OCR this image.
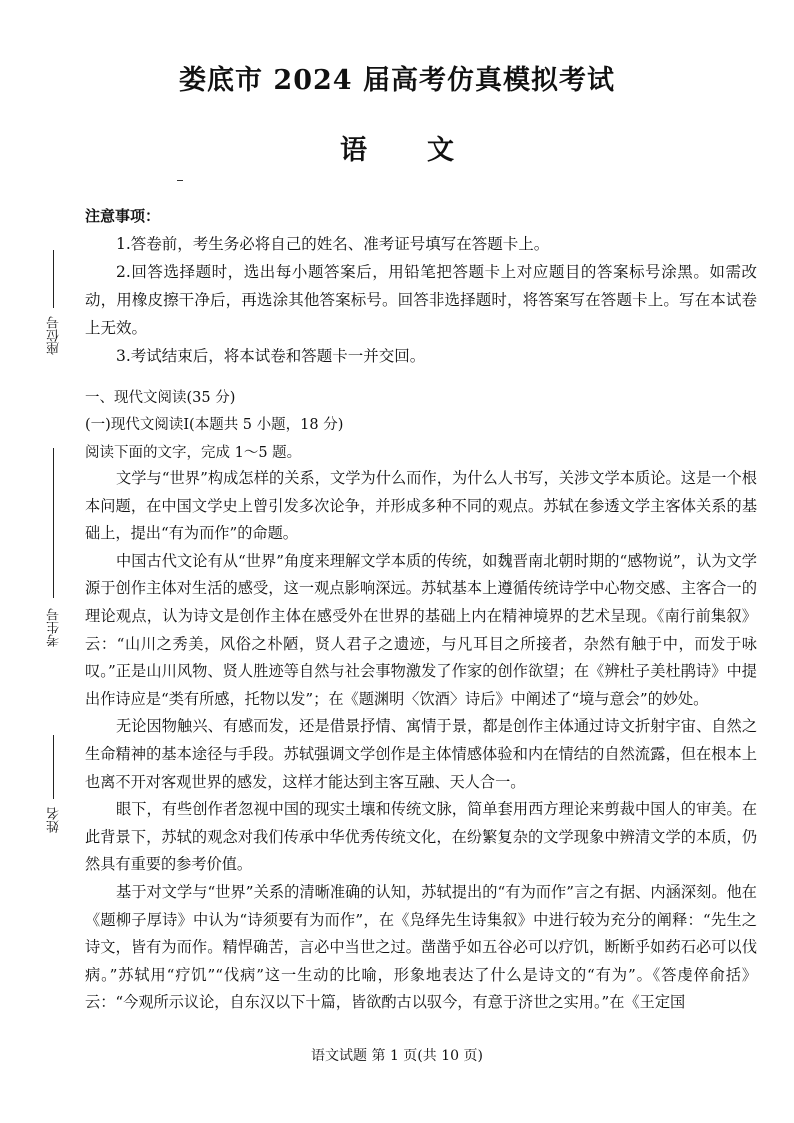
娄底市 2024 届高考仿真模拟考试
语文
座位号
考生号
姓名
注意事项：

1.答卷前，考生务必将自己的姓名、准考证号填写在答题卡上。

2.回答选择题时，选出每小题答案后，用铅笔把答题卡上对应题目的答案标号涂黑。如需改动，用橡皮擦干净后，再选涂其他答案标号。回答非选择题时，将答案写在答题卡上。写在本试卷上无效。

3.考试结束后，将本试卷和答题卡一并交回。

一、现代文阅读(35 分)
(一)现代文阅读Ⅰ(本题共 5 小题，18 分)
阅读下面的文字，完成 1～5 题。

文学与“世界”构成怎样的关系，文学为什么而作，为什么人书写，关涉文学本质论。这是一个根本问题，在中国文学史上曾引发多次论争，并形成多种不同的观点。苏轼在参透文学主客体关系的基础上，提出“有为而作”的命题。

中国古代文论有从“世界”角度来理解文学本质的传统，如魏晋南北朝时期的“感物说”，认为文学源于创作主体对生活的感受，这一观点影响深远。苏轼基本上遵循传统诗学中心物交感、主客合一的理论观点，认为诗文是创作主体在感受外在世界的基础上内在精神境界的艺术呈现。《南行前集叙》云：“山川之秀美，风俗之朴陋，贤人君子之遗迹，与凡耳目之所接者，杂然有触于中，而发于咏叹。”正是山川风物、贤人胜迹等自然与社会事物激发了作家的创作欲望；在《辨杜子美杜鹃诗》中提出作诗应是“类有所感，托物以发”；在《题渊明〈饮酒〉诗后》中阐述了“境与意会”的妙处。

无论因物触兴、有感而发，还是借景抒情、寓情于景，都是创作主体通过诗文折射宇宙、自然之生命精神的基本途径与手段。苏轼强调文学创作是主体情感体验和内在情结的自然流露，但在根本上也离不开对客观世界的感发，这样才能达到主客互融、天人合一。

眼下，有些创作者忽视中国的现实土壤和传统文脉，简单套用西方理论来剪裁中国人的审美。在此背景下，苏轼的观念对我们传承中华优秀传统文化，在纷繁复杂的文学现象中辨清文学的本质，仍然具有重要的参考价值。

基于对文学与“世界”关系的清晰准确的认知，苏轼提出的“有为而作”言之有据、内涵深刻。他在《题柳子厚诗》中认为“诗须要有为而作”，在《凫绎先生诗集叙》中进行较为充分的阐释：“先生之诗文，皆有为而作。精悍确苦，言必中当世之过。凿凿乎如五谷必可以疗饥，断断乎如药石必可以伐病。”苏轼用“疗饥”“伐病”这一生动的比喻，形象地表达了什么是诗文的“有为”。《答虔倅俞括》云：“今观所示议论，自东汉以下十篇，皆欲酌古以驭今，有意于济世之实用。”在《王定国

语文试题 第 1 页(共 10 页)
